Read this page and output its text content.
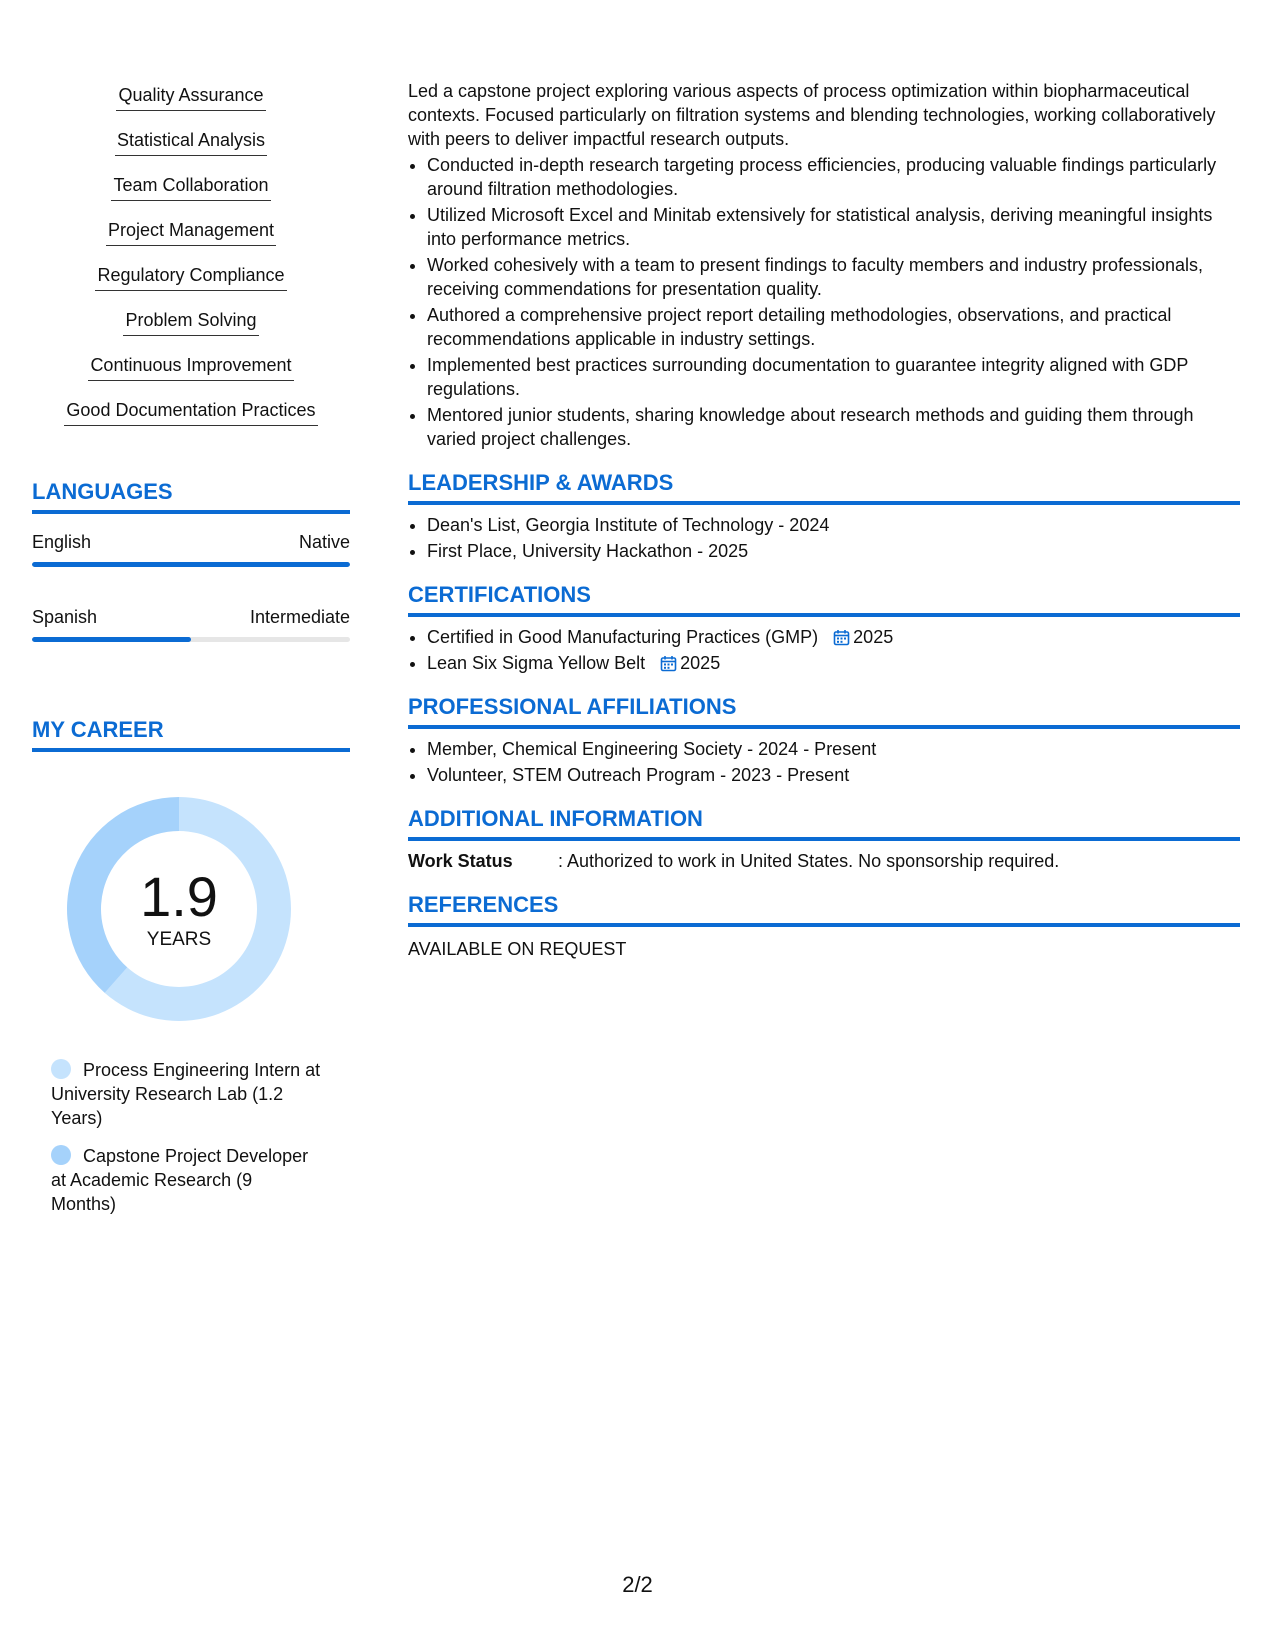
Quality Assurance
Statistical Analysis
Team Collaboration
Project Management
Regulatory Compliance
Problem Solving
Continuous Improvement
Good Documentation Practices
LANGUAGES
English	Native
Spanish	Intermediate
MY CAREER
1.9
YEARS
Process Engineering Intern at University Research Lab (1.2 Years)
Capstone Project Developer at Academic Research (9 Months)

Led a capstone project exploring various aspects of process optimization within biopharmaceutical contexts. Focused particularly on filtration systems and blending technologies, working collaboratively with peers to deliver impactful research outputs.

• Conducted in-depth research targeting process efficiencies, producing valuable findings particularly around filtration methodologies.
• Utilized Microsoft Excel and Minitab extensively for statistical analysis, deriving meaningful insights into performance metrics.
• Worked cohesively with a team to present findings to faculty members and industry professionals, receiving commendations for presentation quality.
• Authored a comprehensive project report detailing methodologies, observations, and practical recommendations applicable in industry settings.
• Implemented best practices surrounding documentation to guarantee integrity aligned with GDP regulations.
• Mentored junior students, sharing knowledge about research methods and guiding them through varied project challenges.
LEADERSHIP & AWARDS
• Dean's List, Georgia Institute of Technology - 2024
• First Place, University Hackathon - 2025
CERTIFICATIONS
• Certified in Good Manufacturing Practices (GMP) 2025
• Lean Six Sigma Yellow Belt 2025
PROFESSIONAL AFFILIATIONS
• Member, Chemical Engineering Society - 2024 - Present
• Volunteer, STEM Outreach Program - 2023 - Present
ADDITIONAL INFORMATION
Work Status	: Authorized to work in United States. No sponsorship required.
REFERENCES
AVAILABLE ON REQUEST
2/2
